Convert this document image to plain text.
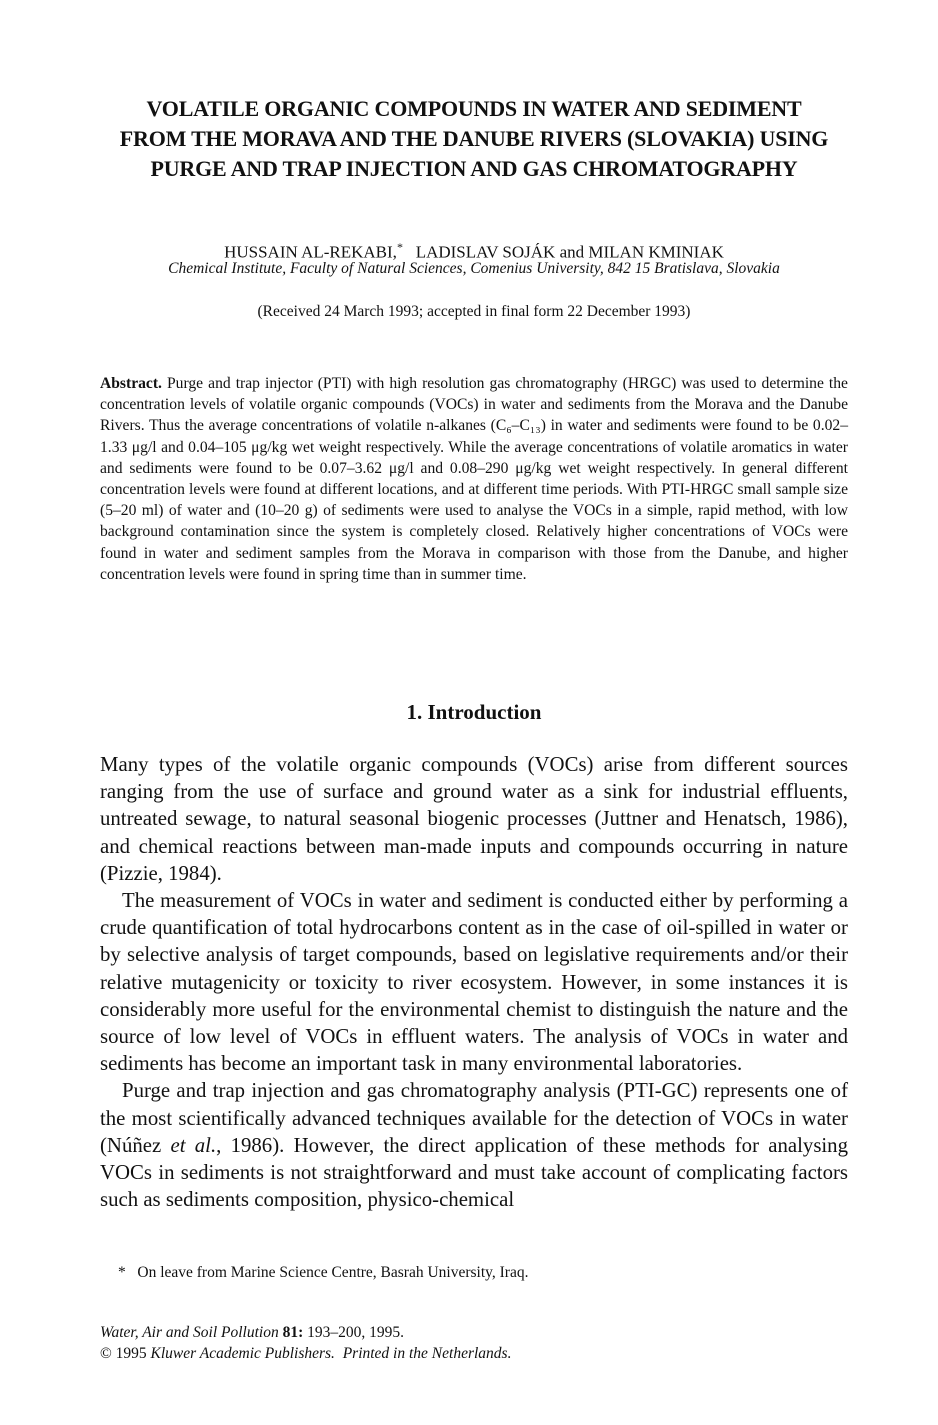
VOLATILE ORGANIC COMPOUNDS IN WATER AND SEDIMENT
FROM THE MORAVA AND THE DANUBE RIVERS (SLOVAKIA) USING
PURGE AND TRAP INJECTION AND GAS CHROMATOGRAPHY
HUSSAIN AL-REKABI,* LADISLAV SOJÁK and MILAN KMINIAK
Chemical Institute, Faculty of Natural Sciences, Comenius University, 842 15 Bratislava, Slovakia
(Received 24 March 1993; accepted in final form 22 December 1993)
Abstract. Purge and trap injector (PTI) with high resolution gas chromatography (HRGC) was used to determine the concentration levels of volatile organic compounds (VOCs) in water and sediments from the Morava and the Danube Rivers. Thus the average concentrations of volatile n-alkanes (C₆–C₁₃) in water and sediments were found to be 0.02–1.33 μg/l and 0.04–105 μg/kg wet weight respectively. While the average concentrations of volatile aromatics in water and sediments were found to be 0.07–3.62 μg/l and 0.08–290 μg/kg wet weight respectively. In general different concentration levels were found at different locations, and at different time periods. With PTI-HRGC small sample size (5–20 ml) of water and (10–20 g) of sediments were used to analyse the VOCs in a simple, rapid method, with low background contamination since the system is completely closed. Relatively higher concentrations of VOCs were found in water and sediment samples from the Morava in comparison with those from the Danube, and higher concentration levels were found in spring time than in summer time.
1. Introduction

Many types of the volatile organic compounds (VOCs) arise from different sources ranging from the use of surface and ground water as a sink for industrial effluents, untreated sewage, to natural seasonal biogenic processes (Juttner and Henatsch, 1986), and chemical reactions between man-made inputs and compounds occurring in nature (Pizzie, 1984).

The measurement of VOCs in water and sediment is conducted either by performing a crude quantification of total hydrocarbons content as in the case of oil-spilled in water or by selective analysis of target compounds, based on legislative requirements and/or their relative mutagenicity or toxicity to river ecosystem. However, in some instances it is considerably more useful for the environmental chemist to distinguish the nature and the source of low level of VOCs in effluent waters. The analysis of VOCs in water and sediments has become an important task in many environmental laboratories.

Purge and trap injection and gas chromatography analysis (PTI-GC) represents one of the most scientifically advanced techniques available for the detection of VOCs in water (Núñez et al., 1986). However, the direct application of these methods for analysing VOCs in sediments is not straightforward and must take account of complicating factors such as sediments composition, physico-chemical

* On leave from Marine Science Centre, Basrah University, Iraq.
Water, Air and Soil Pollution 81: 193–200, 1995.
© 1995 Kluwer Academic Publishers. Printed in the Netherlands.
